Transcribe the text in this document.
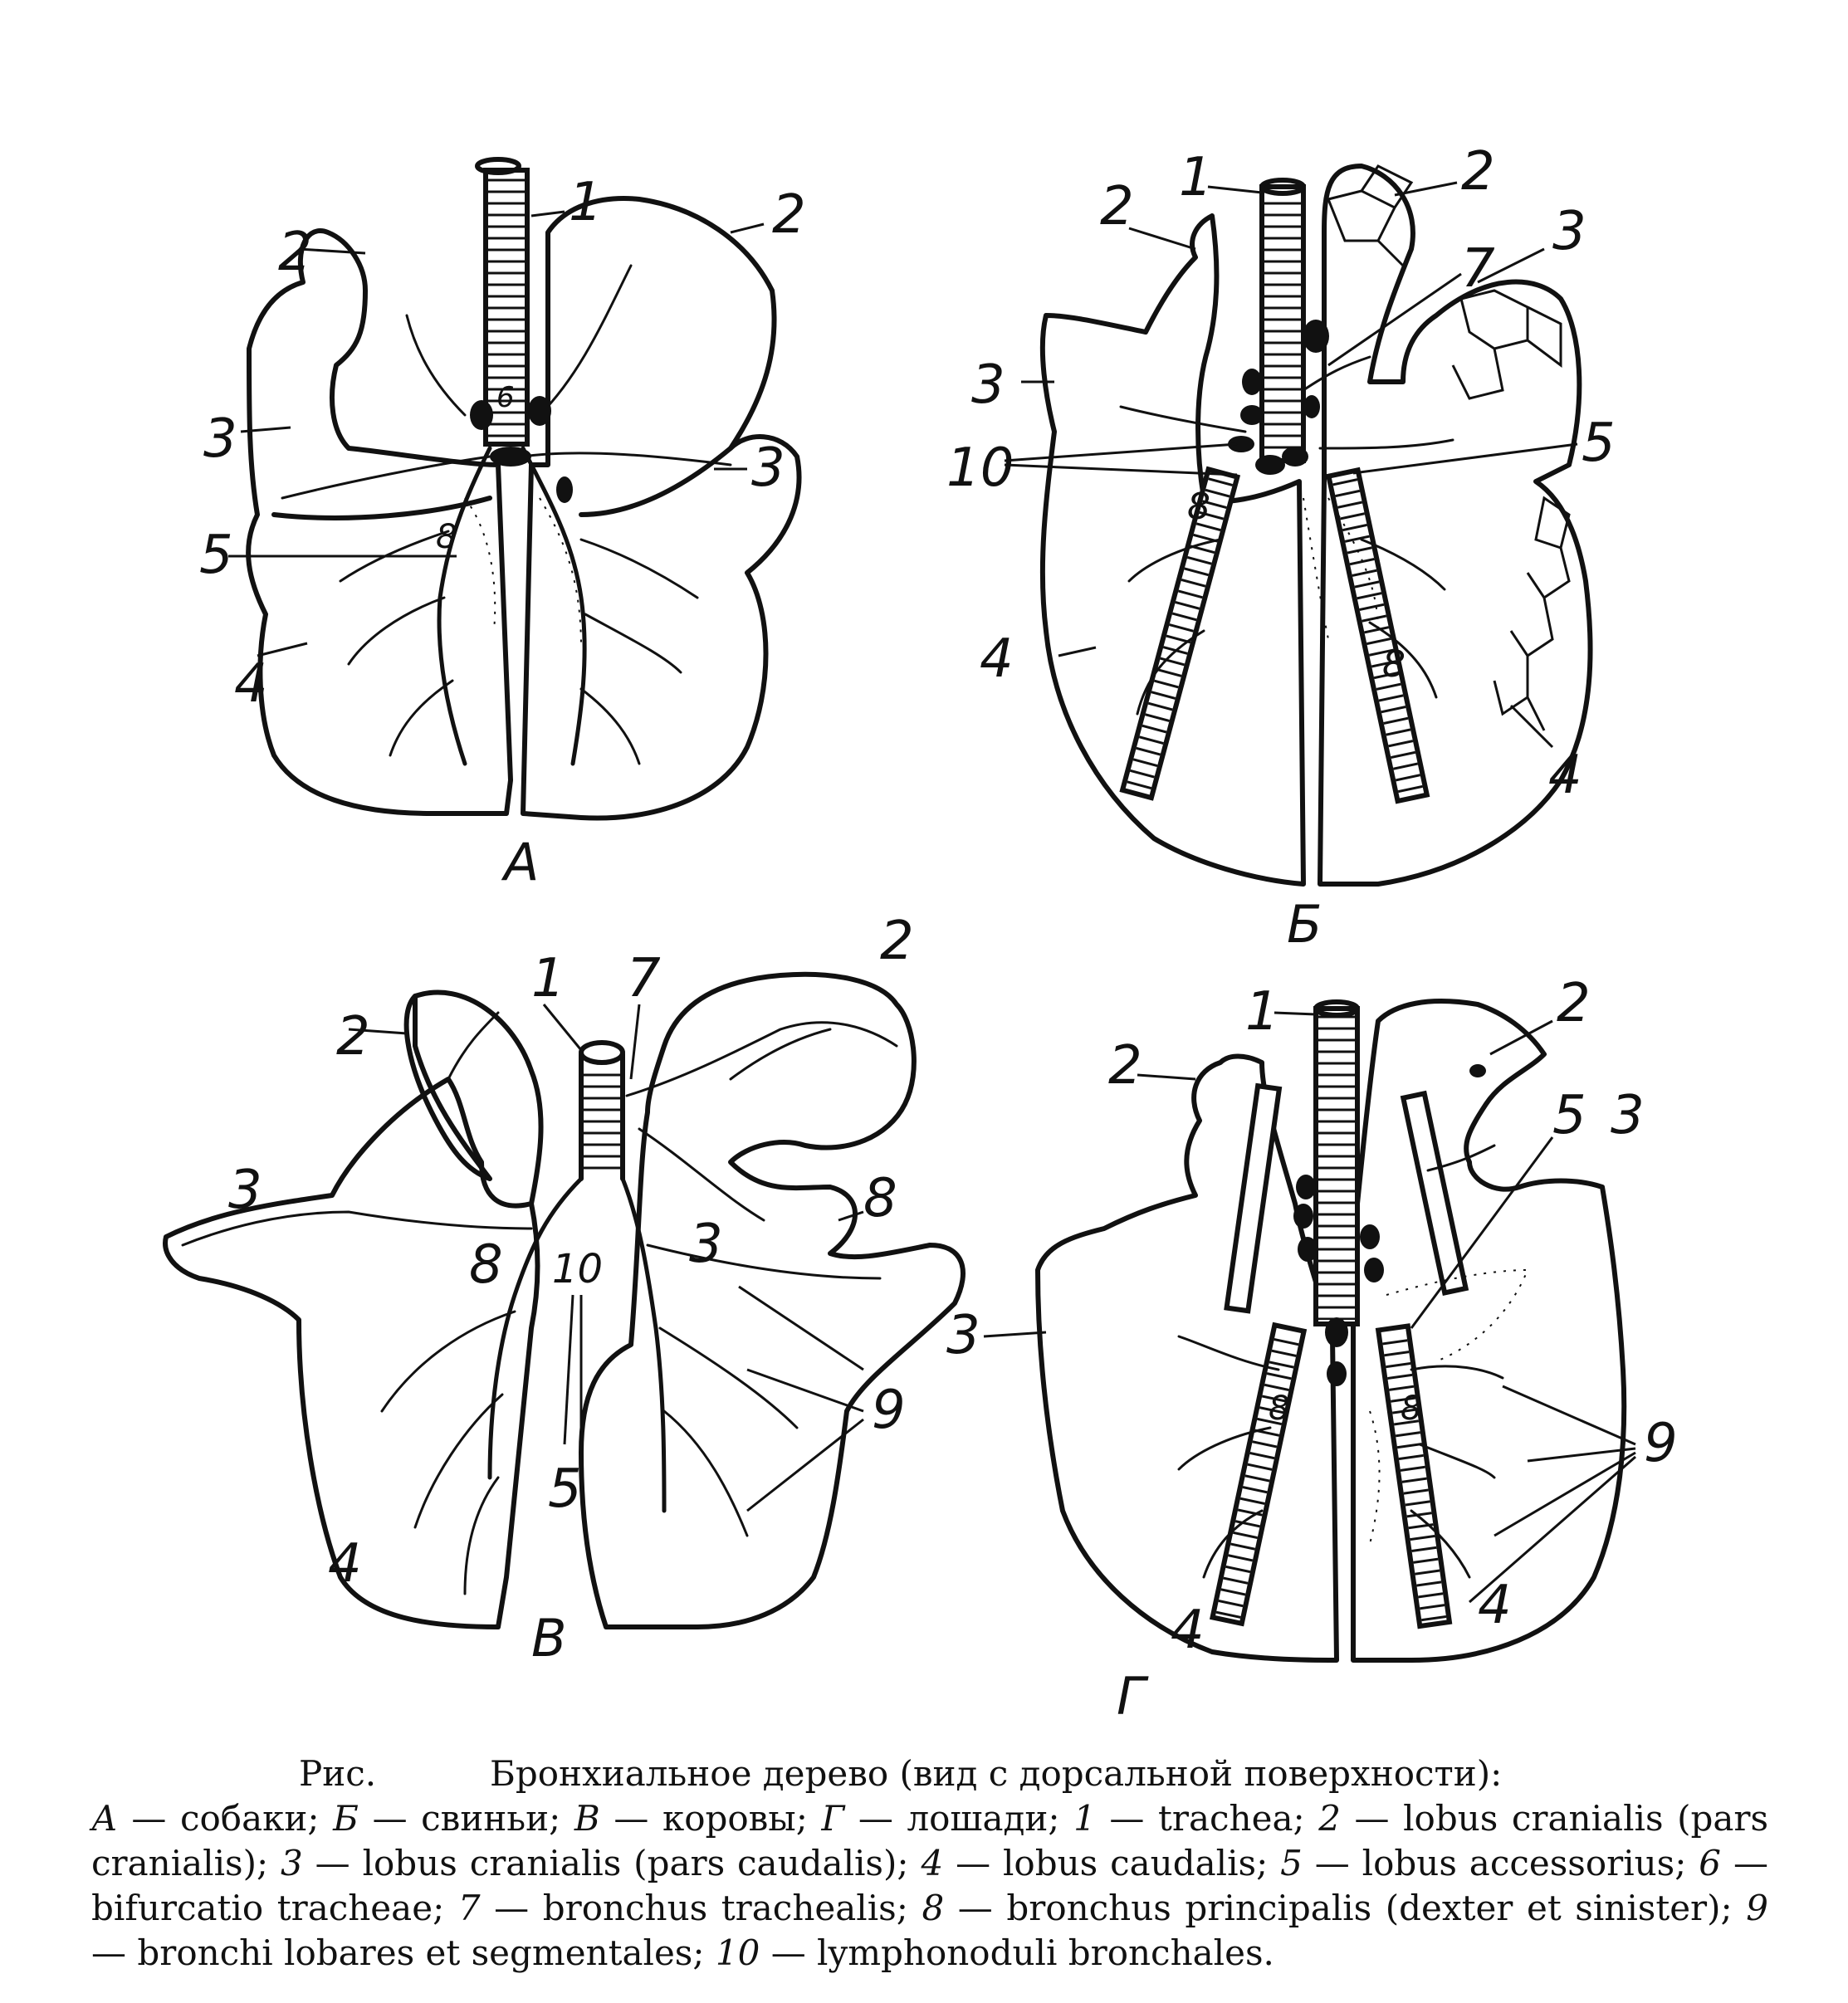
1
2
2
3	3
5
4
6
8
А
1
2
2
3
7
3
10	5
8
8
4
4
Б
1 7
2
2
3
3
8
8 10
9
5
4
В
1
2
2
5 3
3
8	8
9
4	4
Г
Рис.	Бронхиальное дерево (вид с дорсальной поверхности):

А — собаки; Б — свиньи; В — коровы; Г — лошади; 1 — trachea; 2 — lobus cranialis (pars cranialis); 3 — lobus cranialis (pars caudalis); 4 — lobus caudalis; 5 — lobus accessorius; 6 — bifurcatio tracheae; 7 — bronchus trachealis; 8 — bronchus principalis (dexter et sinister); 9 — bronchi lobares et segmentales; 10 — lymphonoduli bronchales.
